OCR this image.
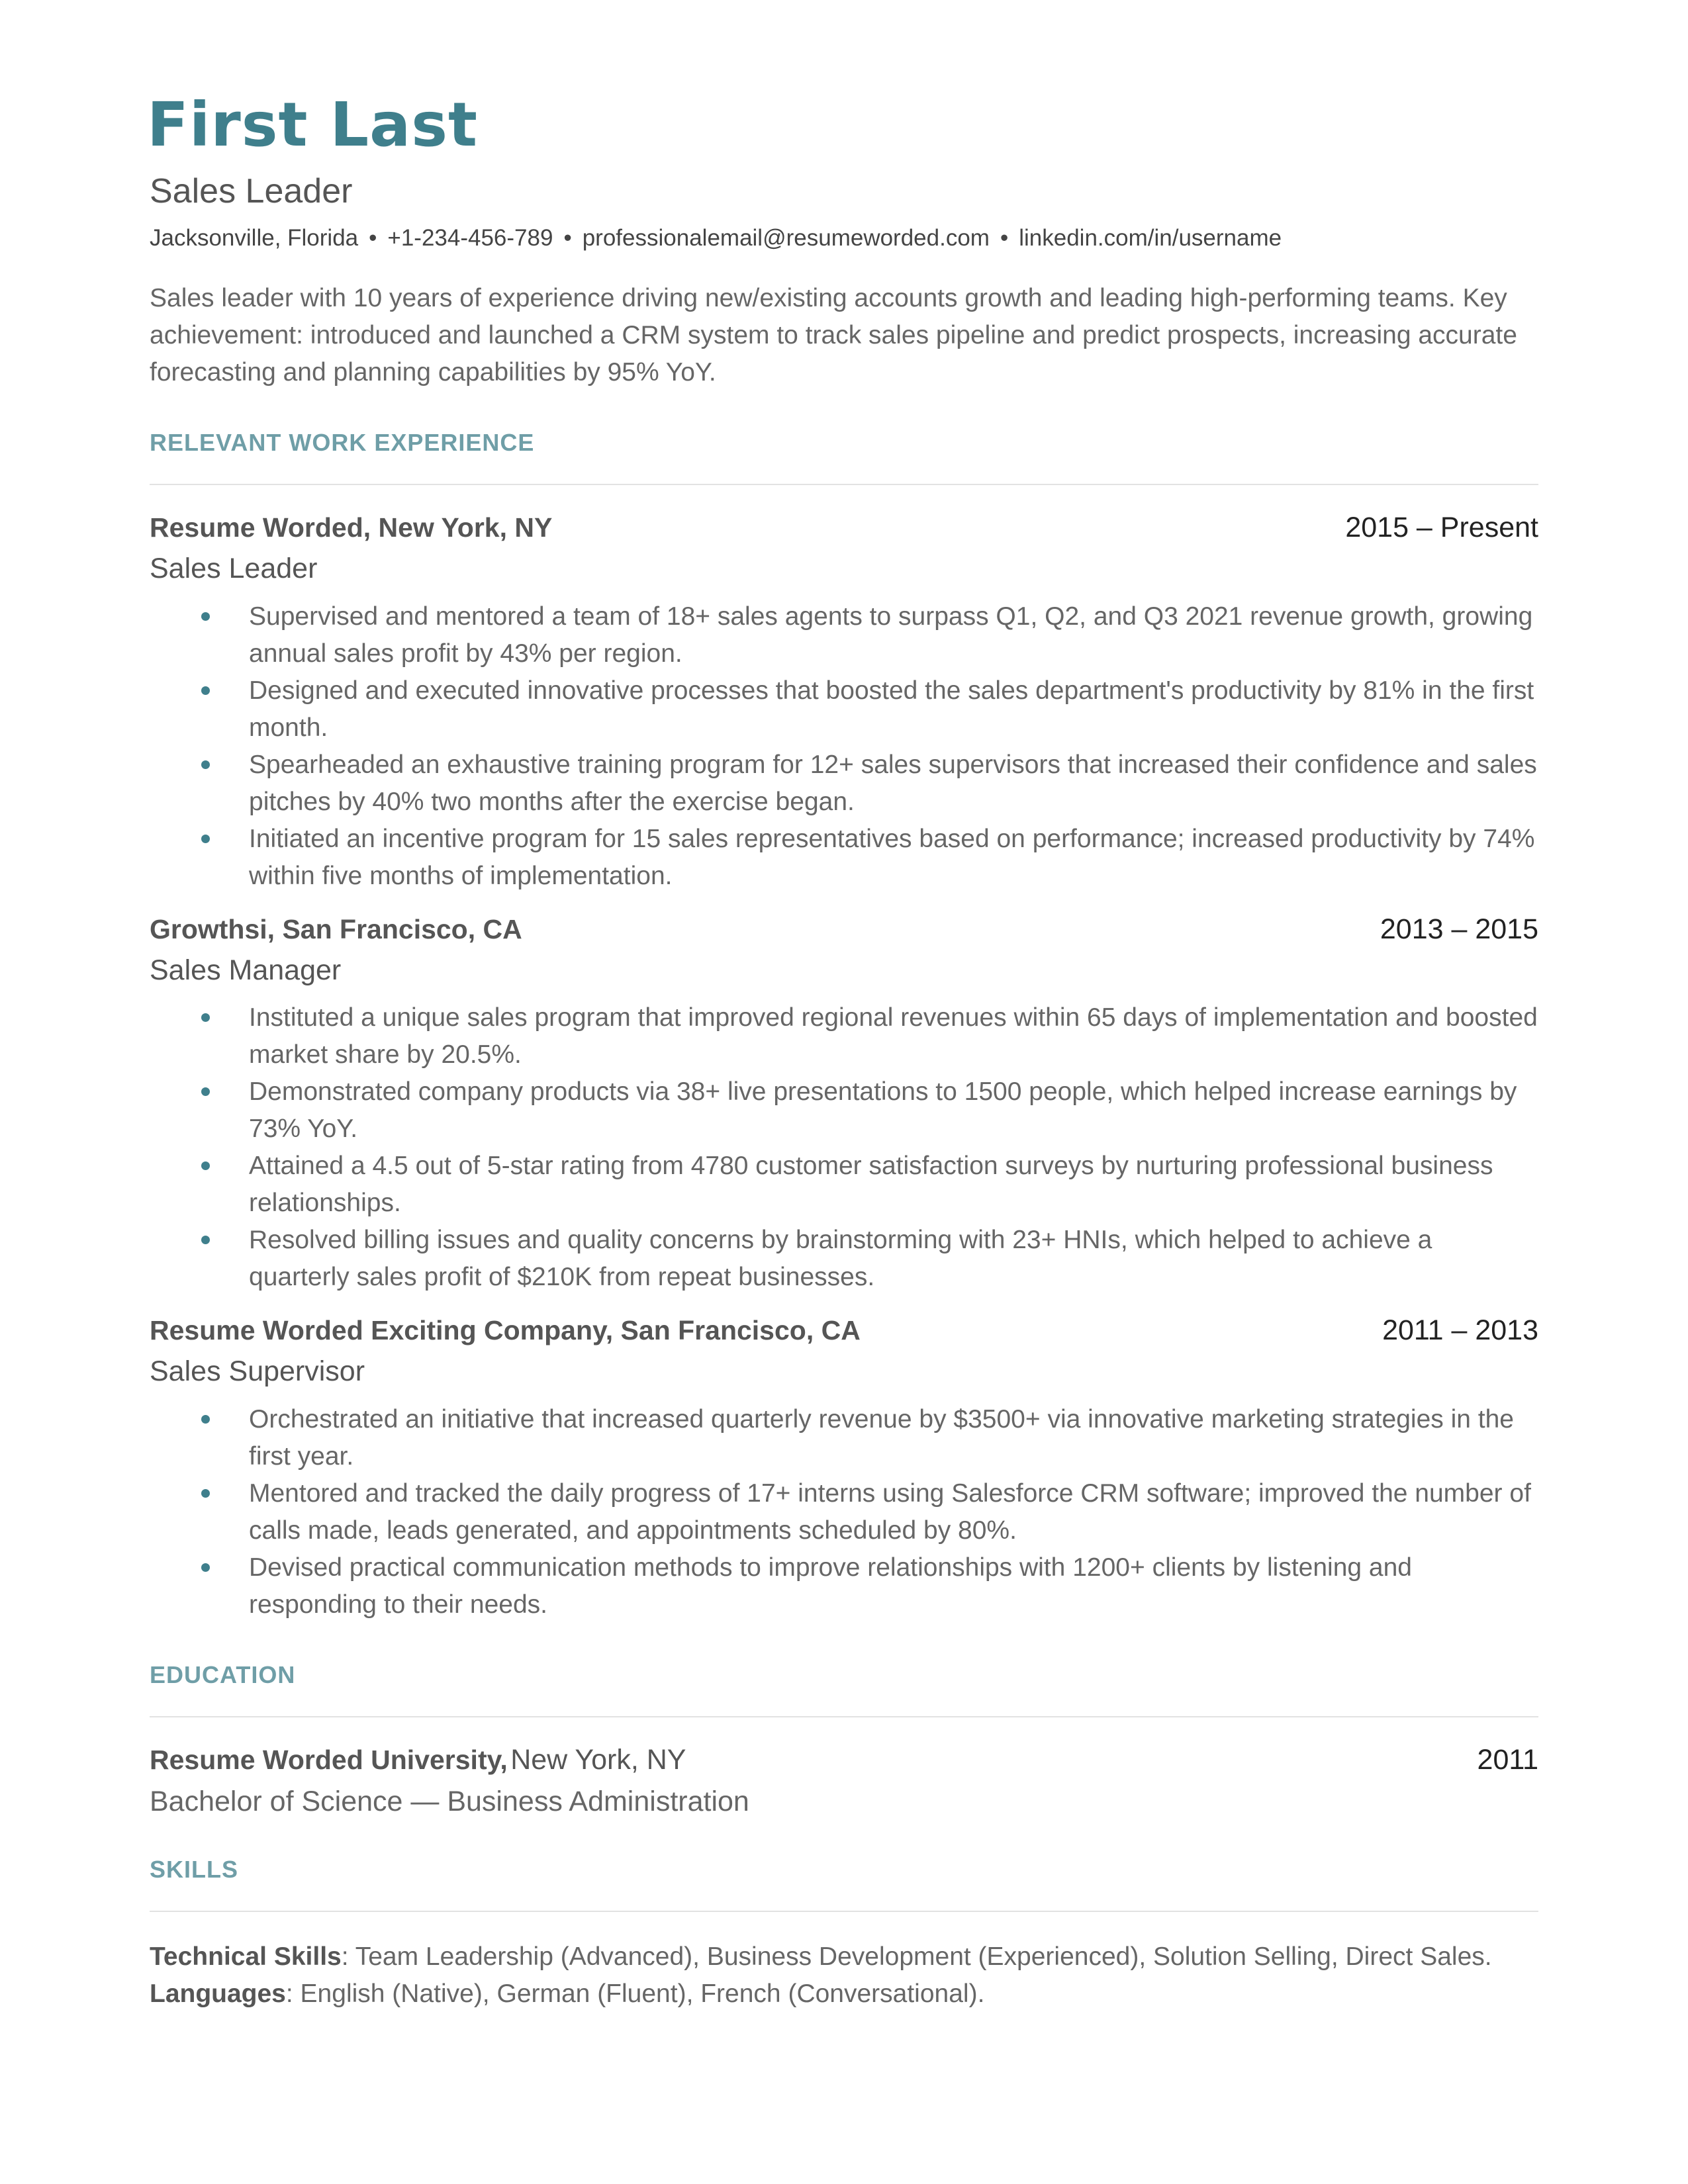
First Last
Sales Leader
Jacksonville, Florida • +1-234-456-789 • professionalemail@resumeworded.com • linkedin.com/in/username
Sales leader with 10 years of experience driving new/existing accounts growth and leading high-performing teams. Key achievement: introduced and launched a CRM system to track sales pipeline and predict prospects, increasing accurate forecasting and planning capabilities by 95% YoY.
RELEVANT WORK EXPERIENCE
Resume Worded, New York, NY	2015 – Present
Sales Leader
Supervised and mentored a team of 18+ sales agents to surpass Q1, Q2, and Q3 2021 revenue growth, growing annual sales profit by 43% per region.
Designed and executed innovative processes that boosted the sales department's productivity by 81% in the first month.
Spearheaded an exhaustive training program for 12+ sales supervisors that increased their confidence and sales pitches by 40% two months after the exercise began.
Initiated an incentive program for 15 sales representatives based on performance; increased productivity by 74% within five months of implementation.
Growthsi, San Francisco, CA	2013 – 2015
Sales Manager
Instituted a unique sales program that improved regional revenues within 65 days of implementation and boosted market share by 20.5%.
Demonstrated company products via 38+ live presentations to 1500 people, which helped increase earnings by 73% YoY.
Attained a 4.5 out of 5-star rating from 4780 customer satisfaction surveys by nurturing professional business relationships.
Resolved billing issues and quality concerns by brainstorming with 23+ HNIs, which helped to achieve a quarterly sales profit of $210K from repeat businesses.
Resume Worded Exciting Company, San Francisco, CA	2011 – 2013
Sales Supervisor
Orchestrated an initiative that increased quarterly revenue by $3500+ via innovative marketing strategies in the first year.
Mentored and tracked the daily progress of 17+ interns using Salesforce CRM software; improved the number of calls made, leads generated, and appointments scheduled by 80%.
Devised practical communication methods to improve relationships with 1200+ clients by listening and responding to their needs.
EDUCATION
Resume Worded University, New York, NY	2011
Bachelor of Science — Business Administration
SKILLS
Technical Skills: Team Leadership (Advanced), Business Development (Experienced), Solution Selling, Direct Sales.
Languages: English (Native), German (Fluent), French (Conversational).
